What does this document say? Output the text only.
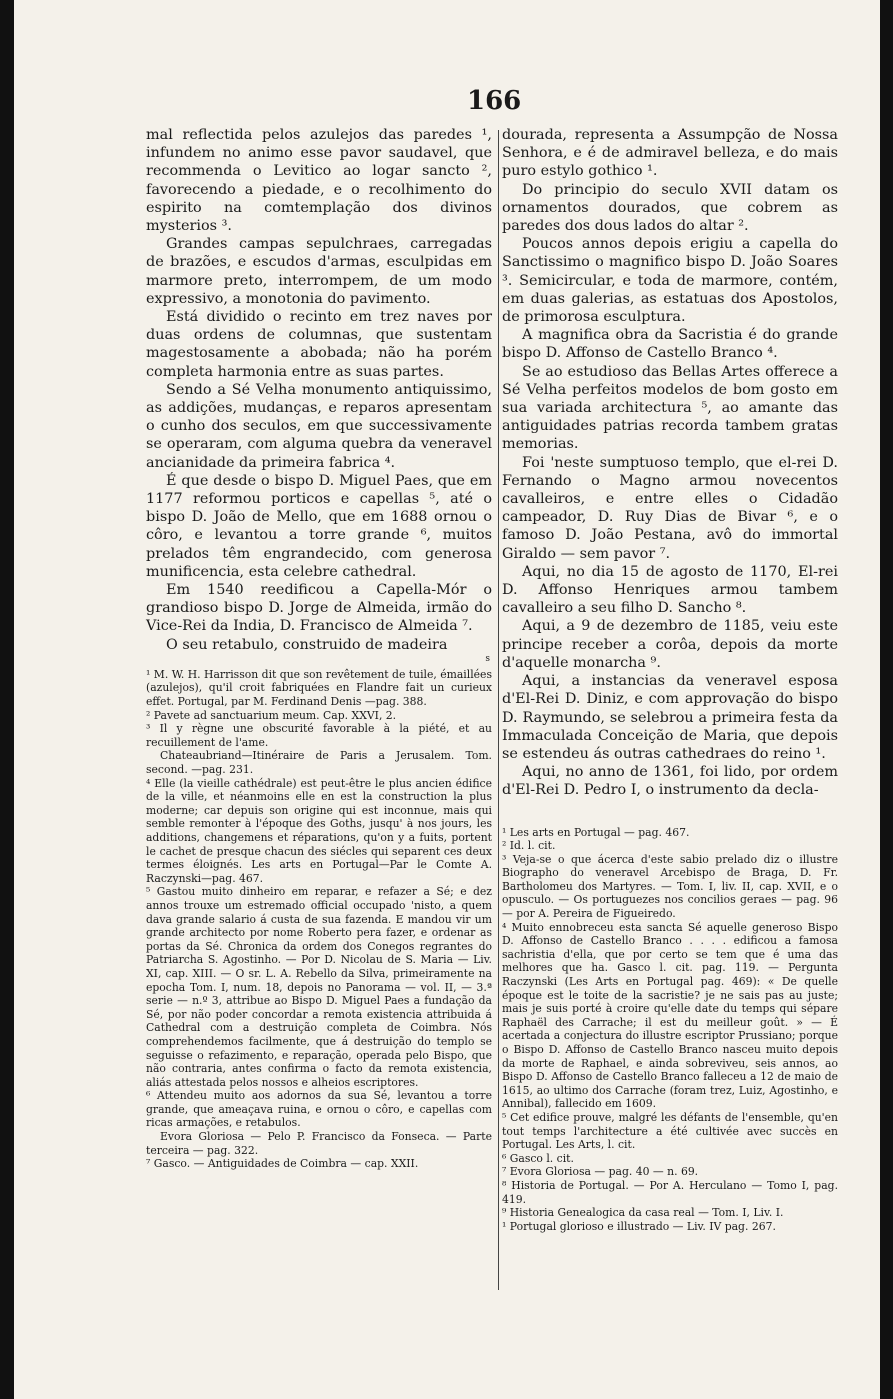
166

mal reflectida pelos azulejos das paredes ¹, infundem no animo esse pavor saudavel, que recommenda o Levitico ao logar sancto ², favorecendo a piedade, e o recolhimento do espirito na comtemplação dos divinos mysterios ³.

Grandes campas sepulchraes, carregadas de brazões, e escudos d'armas, esculpidas em marmore preto, interrompem, de um modo expressivo, a monotonia do pavimento.

Está dividido o recinto em trez naves por duas ordens de columnas, que sustentam magestosamente a abobada; não ha porém completa harmonia entre as suas partes.

Sendo a Sé Velha monumento antiquissimo, as addições, mudanças, e reparos apresentam o cunho dos seculos, em que successivamente se operaram, com alguma quebra da veneravel ancianidade da primeira fabrica ⁴.

É que desde o bispo D. Miguel Paes, que em 1177 reformou porticos e capellas ⁵, até o bispo D. João de Mello, que em 1688 ornou o côro, e levantou a torre grande ⁶, muitos prelados têm engrandecido, com generosa munificencia, esta celebre cathedral.

Em 1540 reedificou a Capella-Mór o grandioso bispo D. Jorge de Almeida, irmão do Vice-Rei da India, D. Francisco de Almeida ⁷.

O seu retabulo, construido de madeira

s

¹ M. W. H. Harrisson dit que son revêtement de tuile, émaillées (azulejos), qu'il croit fabriquées en Flandre fait un curieux effet. Portugal, par M. Ferdinand Denis —pag. 388.

² Pavete ad sanctuarium meum. Cap. XXVI, 2.

³ Il y règne une obscurité favorable à la piété, et au recuillement de l'ame.

Chateaubriand—Itinéraire de Paris a Jerusalem. Tom. second. —pag. 231.

⁴ Elle (la vieille cathédrale) est peut-être le plus ancien édifice de la ville, et néanmoins elle en est la construction la plus moderne; car depuis son origine qui est inconnue, mais qui semble remonter à l'époque des Goths, jusqu' à nos jours, les additions, changemens et réparations, qu'on y a fuits, portent le cachet de presque chacun des siécles qui separent ces deux termes éloignés. Les arts en Portugal—Par le Comte A. Raczynski—pag. 467.

⁵ Gastou muito dinheiro em reparar, e refazer a Sé; e dez annos trouxe um estremado official occupado 'nisto, a quem dava grande salario á custa de sua fazenda. E mandou vir um grande architecto por nome Roberto pera fazer, e ordenar as portas da Sé. Chronica da ordem dos Conegos regrantes do Patriarcha S. Agostinho. — Por D. Nicolau de S. Maria — Liv. XI, cap. XIII. — O sr. L. A. Rebello da Silva, primeiramente na epocha Tom. I, num. 18, depois no Panorama — vol. II, — 3.ª serie — n.º 3, attribue ao Bispo D. Miguel Paes a fundação da Sé, por não poder concordar a remota existencia attribuida á Cathedral com a destruição completa de Coimbra. Nós comprehendemos facilmente, que á destruição do templo se seguisse o refazimento, e reparação, operada pelo Bispo, que não contraria, antes confirma o facto da remota existencia, aliás attestada pelos nossos e alheios escriptores.

⁶ Attendeu muito aos adornos da sua Sé, levantou a torre grande, que ameaçava ruina, e ornou o côro, e capellas com ricas armações, e retabulos.

Evora Gloriosa — Pelo P. Francisco da Fonseca. — Parte terceira — pag. 322.

⁷ Gasco. — Antiguidades de Coimbra — cap. XXII.

dourada, representa a Assumpção de Nossa Senhora, e é de admiravel belleza, e do mais puro estylo gothico ¹.

Do principio do seculo XVII datam os ornamentos dourados, que cobrem as paredes dos dous lados do altar ².

Poucos annos depois erigiu a capella do Sanctissimo o magnifico bispo D. João Soares ³. Semicircular, e toda de marmore, contém, em duas galerias, as estatuas dos Apostolos, de primorosa esculptura.

A magnifica obra da Sacristia é do grande bispo D. Affonso de Castello Branco ⁴.

Se ao estudioso das Bellas Artes offerece a Sé Velha perfeitos modelos de bom gosto em sua variada architectura ⁵, ao amante das antiguidades patrias recorda tambem gratas memorias.

Foi 'neste sumptuoso templo, que el-rei D. Fernando o Magno armou novecentos cavalleiros, e entre elles o Cidadão campeador, D. Ruy Dias de Bivar ⁶, e o famoso D. João Pestana, avô do immortal Giraldo — sem pavor ⁷.

Aqui, no dia 15 de agosto de 1170, El-rei D. Affonso Henriques armou tambem cavalleiro a seu filho D. Sancho ⁸.

Aqui, a 9 de dezembro de 1185, veiu este principe receber a corôa, depois da morte d'aquelle monarcha ⁹.

Aqui, a instancias da veneravel esposa d'El-Rei D. Diniz, e com approvação do bispo D. Raymundo, se selebrou a primeira festa da Immaculada Conceição de Maria, que depois se estendeu ás outras cathedraes do reino ¹.

Aqui, no anno de 1361, foi lido, por ordem d'El-Rei D. Pedro I, o instrumento da decla-

¹ Les arts en Portugal — pag. 467.

² Id. l. cit.

³ Veja-se o que ácerca d'este sabio prelado diz o illustre Biographo do veneravel Arcebispo de Braga, D. Fr. Bartholomeu dos Martyres. — Tom. I, liv. II, cap. XVII, e o opusculo. — Os portuguezes nos concilios geraes — pag. 96 — por A. Pereira de Figueiredo.

⁴ Muito ennobreceu esta sancta Sé aquelle generoso Bispo D. Affonso de Castello Branco . . . . edificou a famosa sachristia d'ella, que por certo se tem que é uma das melhores que ha. Gasco l. cit. pag. 119. — Pergunta Raczynski (Les Arts en Portugal pag. 469): « De quelle époque est le toite de la sacristie? je ne sais pas au juste; mais je suis porté à croire qu'elle date du temps qui sépare Raphaël des Carrache; il est du meilleur goût. » — É acertada a conjectura do illustre escriptor Prussiano; porque o Bispo D. Affonso de Castello Branco nasceu muito depois da morte de Raphael, e ainda sobreviveu, seis annos, ao Bispo D. Affonso de Castello Branco falleceu a 12 de maio de 1615, ao ultimo dos Carrache (foram trez, Luiz, Agostinho, e Annibal), fallecido em 1609.

⁵ Cet edifice prouve, malgré les défants de l'ensemble, qu'en tout temps l'architecture a été cultivée avec succès en Portugal. Les Arts, l. cit.

⁶ Gasco l. cit.

⁷ Evora Gloriosa — pag. 40 — n. 69.

⁸ Historia de Portugal. — Por A. Herculano — Tomo I, pag. 419.

⁹ Historia Genealogica da casa real — Tom. I, Liv. I.

¹ Portugal glorioso e illustrado — Liv. IV pag. 267.
